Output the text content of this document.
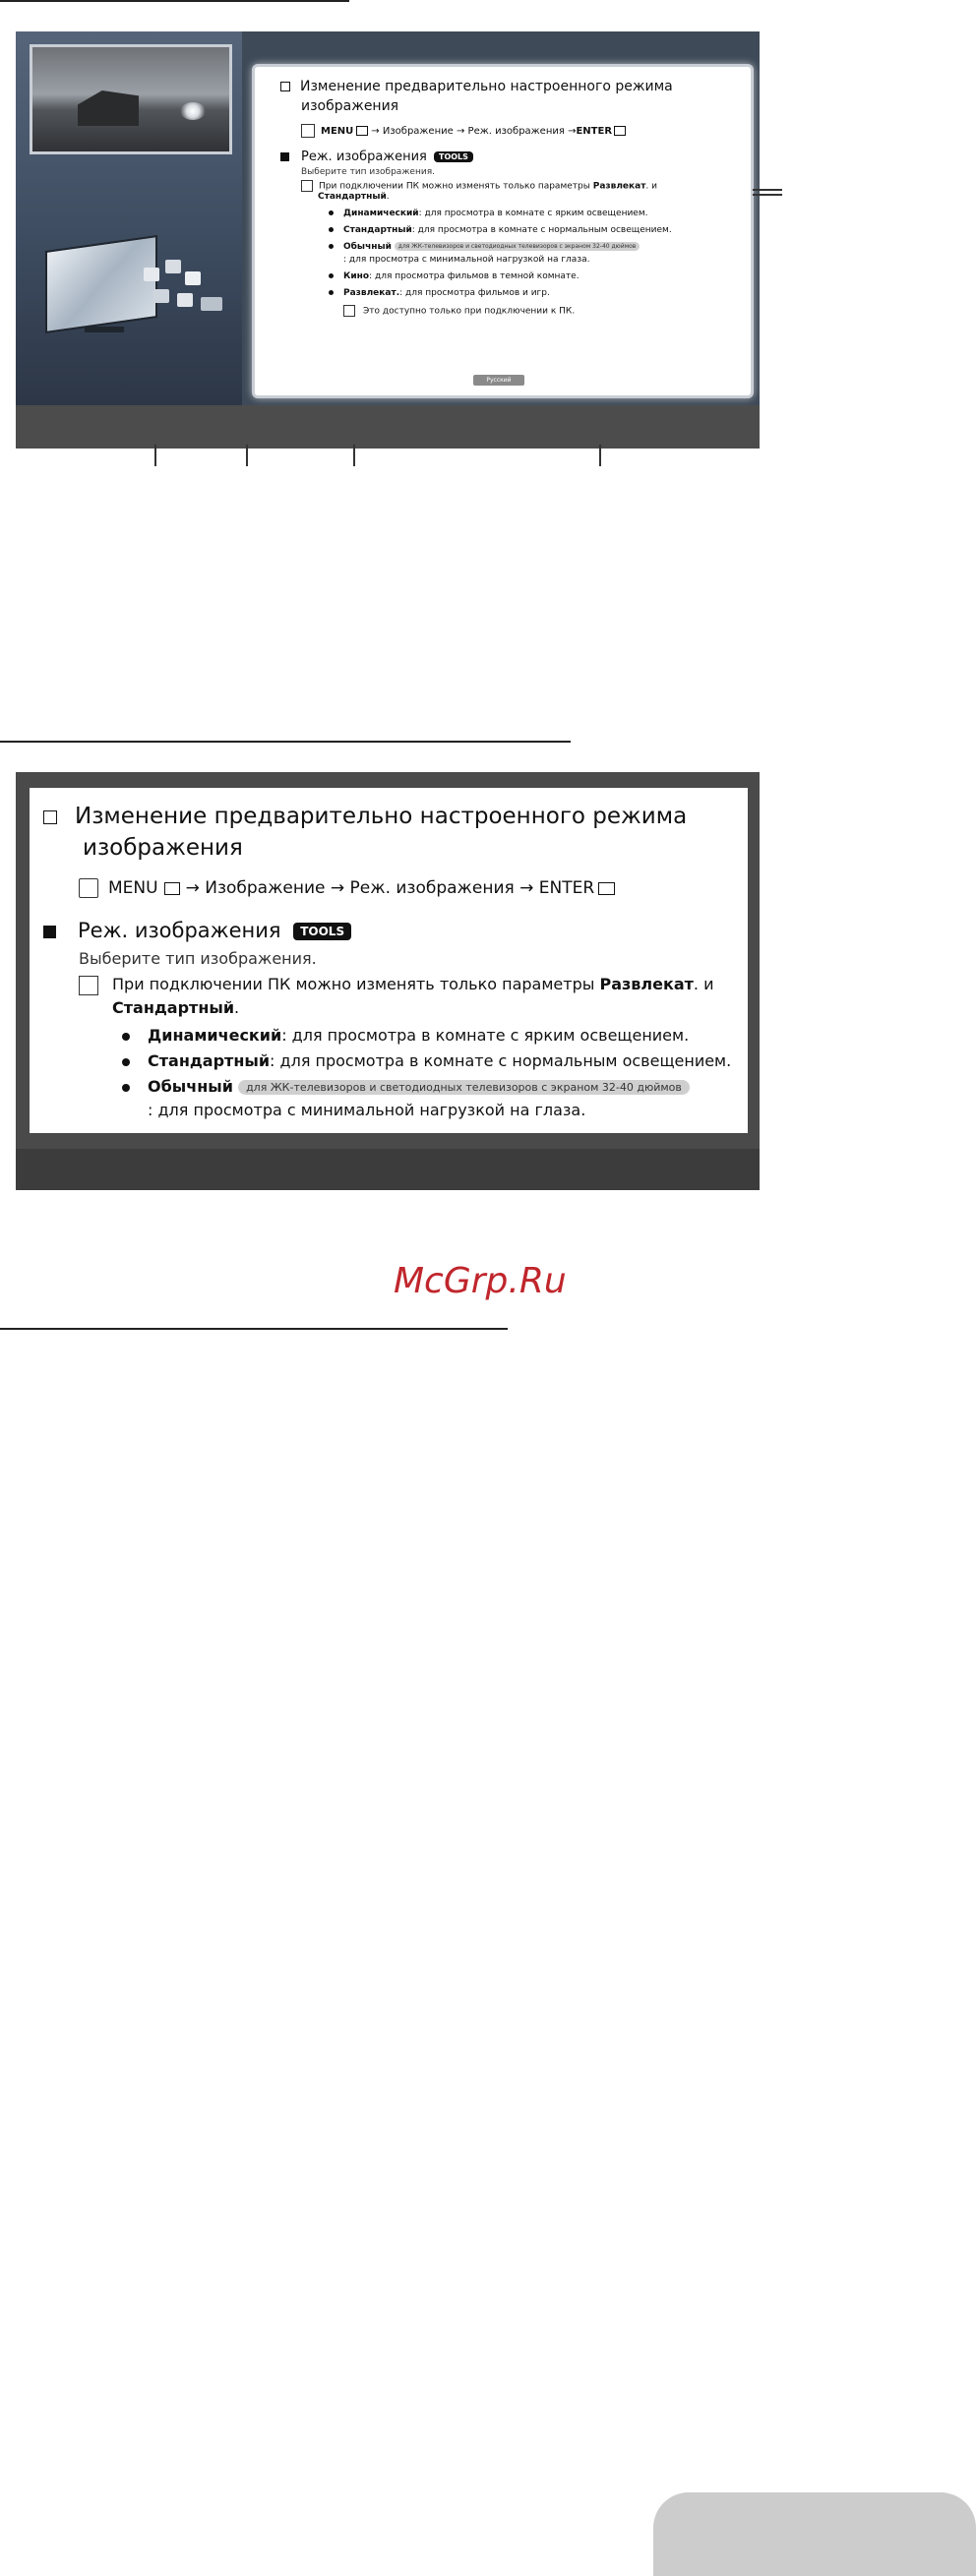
Изменение предварительно настроенного режима
изображения
MENU → Изображение → Реж. изображения →ENTER
Реж. изображения TOOLS
Выберите тип изображения.
При подключении ПК можно изменять только параметры Развлекат. и
Стандартный.
Динамический: для просмотра в комнате с ярким освещением.
Стандартный: для просмотра в комнате с нормальным освещением.
Обычный для ЖК-телевизоров и светодиодных телевизоров с экраном 32-40 дюймов
: для просмотра с минимальной нагрузкой на глаза.
Кино: для просмотра фильмов в темной комнате.
Развлекат.: для просмотра фильмов и игр.
Это доступно только при подключении к ПК.
Русский
Изменение предварительно настроенного режима
изображения
MENU → Изображение → Реж. изображения → ENTER
Реж. изображения TOOLS
Выберите тип изображения.
При подключении ПК можно изменять только параметры Развлекат. и
Стандартный.
Динамический: для просмотра в комнате с ярким освещением.
Стандартный: для просмотра в комнате с нормальным освещением.
Обычный для ЖК-телевизоров и светодиодных телевизоров с экраном 32-40 дюймов
: для просмотра с минимальной нагрузкой на глаза.
McGrp.Ru
